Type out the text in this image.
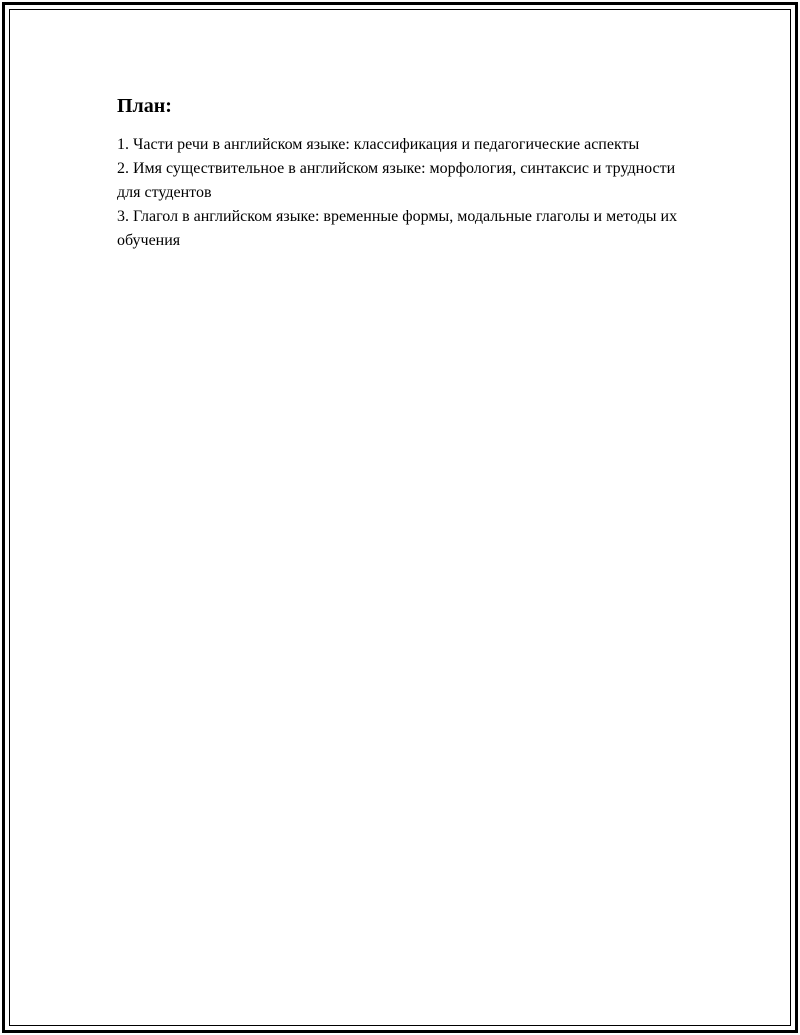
План:
1. Части речи в английском языке: классификация и педагогические аспекты
2. Имя существительное в английском языке: морфология, синтаксис и трудности для студентов
3. Глагол в английском языке: временные формы, модальные глаголы и методы их обучения
